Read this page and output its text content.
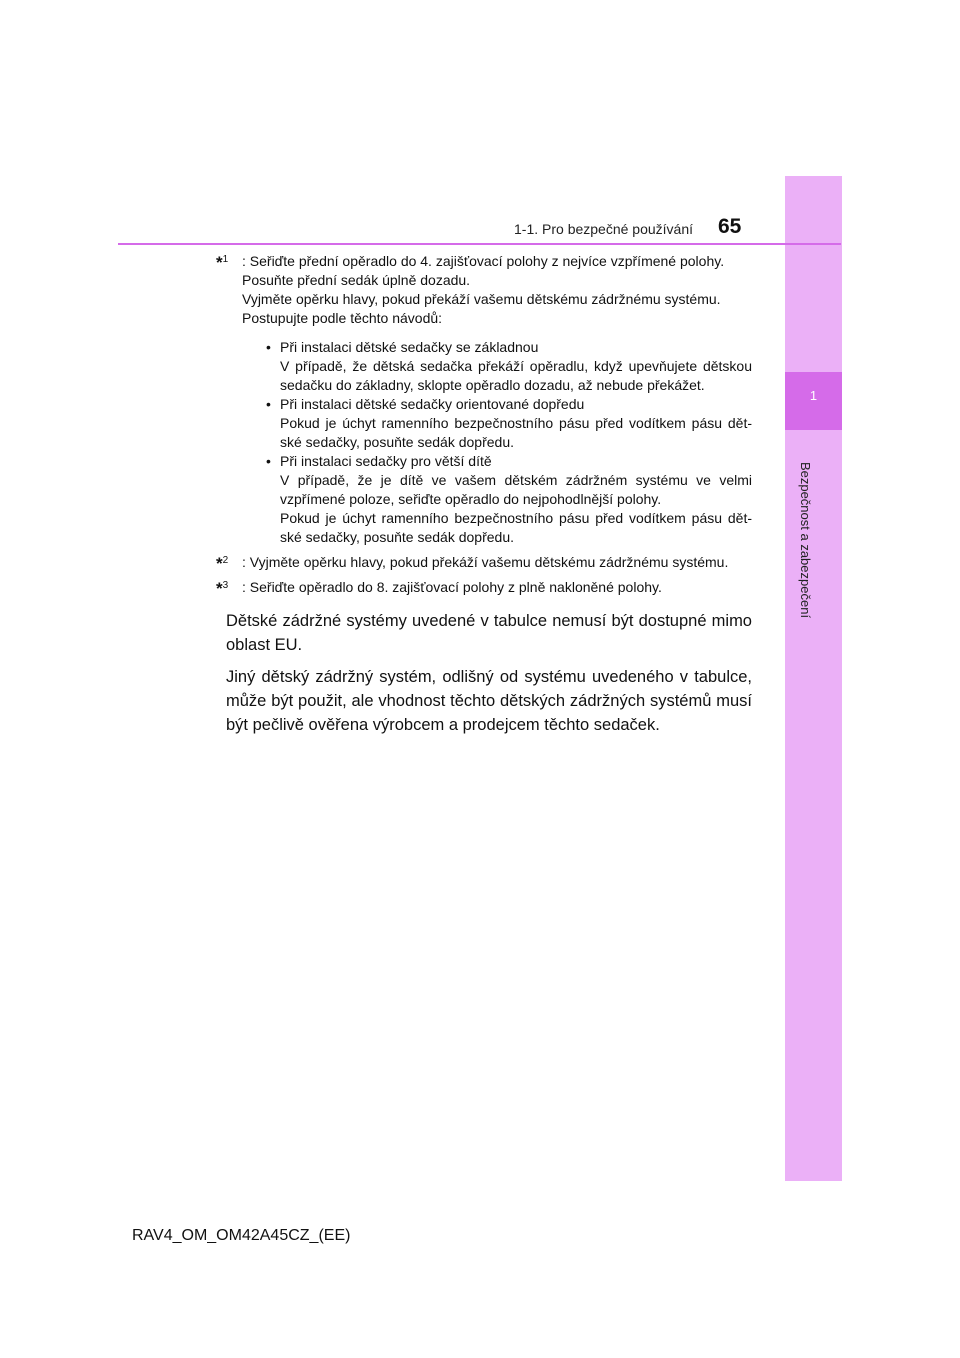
1
Bezpečnost a zabezpečení
1-1. Pro bezpečné používání 65
*$^1$ : Seřiďte přední opěradlo do 4. zajišťovací polohy z nejvíce vzpřímené polohy.

Posuňte přední sedák úplně dozadu.

Vyjměte opěrku hlavy, pokud překáží vašemu dětskému zádržnému systému.

Postupujte podle těchto návodů:

• Při instalaci dětské sedačky se základnou
V případě, že dětská sedačka překáží opěradlu, když upevňujete dětskou sedačku do základny, sklopte opěradlo dozadu, až nebude překážet.
• Při instalaci dětské sedačky orientované dopředu
Pokud je úchyt ramenního bezpečnostního pásu před vodítkem pásu dět-ské sedačky, posuňte sedák dopředu.
• Při instalaci sedačky pro větší dítě
V případě, že je dítě ve vašem dětském zádržném systému ve velmi vzpřímené poloze, seřiďte opěradlo do nejpohodlnější polohy.
Pokud je úchyt ramenního bezpečnostního pásu před vodítkem pásu dět-ské sedačky, posuňte sedák dopředu.
*$^2$ : Vyjměte opěrku hlavy, pokud překáží vašemu dětskému zádržnému systému.

*$^3$ : Seřiďte opěradlo do 8. zajišťovací polohy z plně nakloněné polohy.

Dětské zádržné systémy uvedené v tabulce nemusí být dostupné mimo oblast EU.

Jiný dětský zádržný systém, odlišný od systému uvedeného v tabulce, může být použit, ale vhodnost těchto dětských zádržných systémů musí být pečlivě ověřena výrobcem a prodejcem těchto sedaček.

RAV4_OM_OM42A45CZ_(EE)
